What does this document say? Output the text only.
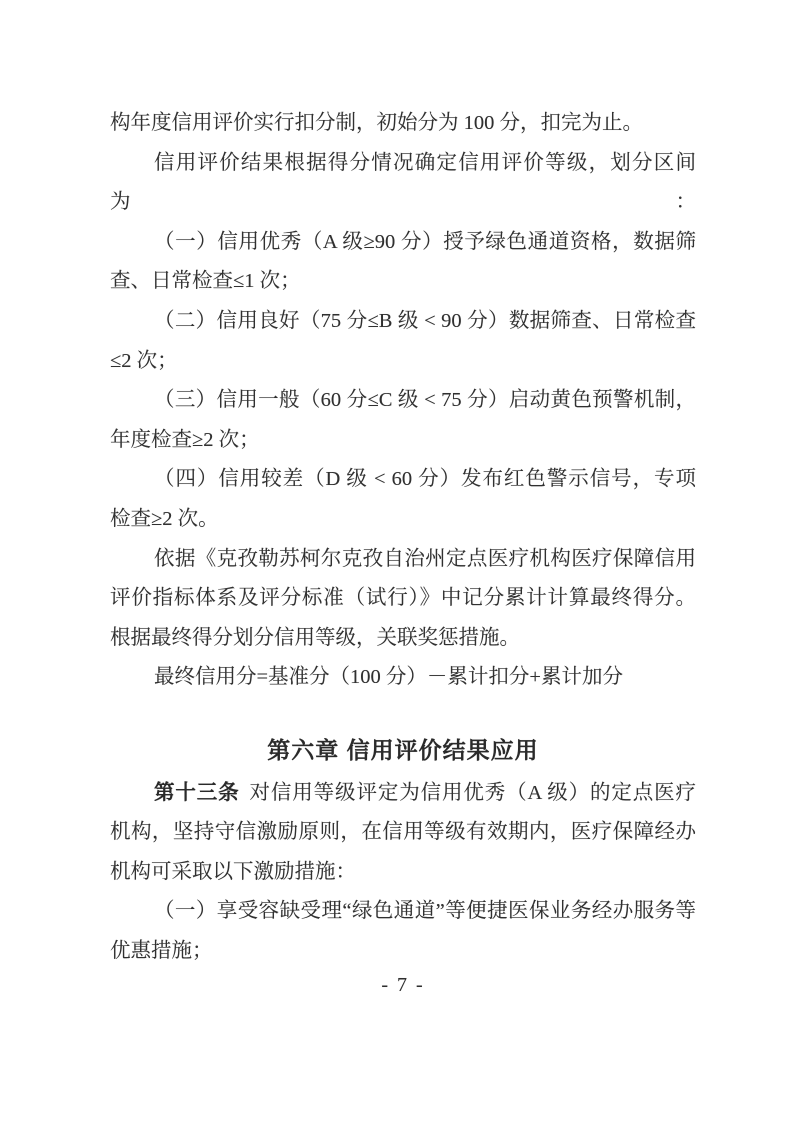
构年度信用评价实行扣分制，初始分为 100 分，扣完为止。
信用评价结果根据得分情况确定信用评价等级，划分区间为：
（一）信用优秀（A 级≥90 分）授予绿色通道资格，数据筛
查、日常检查≤1 次；
（二）信用良好（75 分≤B 级 < 90 分）数据筛查、日常检查
≤2 次；
（三）信用一般（60 分≤C 级 < 75 分）启动黄色预警机制，
年度检查≥2 次；
（四）信用较差（D 级 < 60 分）发布红色警示信号，专项
检查≥2 次。
依据《克孜勒苏柯尔克孜自治州定点医疗机构医疗保障信用
评价指标体系及评分标准（试行）》中记分累计计算最终得分。
根据最终得分划分信用等级，关联奖惩措施。
最终信用分=基准分（100 分）－累计扣分+累计加分
第六章 信用评价结果应用
第十三条 对信用等级评定为信用优秀（A 级）的定点医疗
机构，坚持守信激励原则，在信用等级有效期内，医疗保障经办
机构可采取以下激励措施：
（一）享受容缺受理“绿色通道”等便捷医保业务经办服务等
优惠措施；
- 7 -
